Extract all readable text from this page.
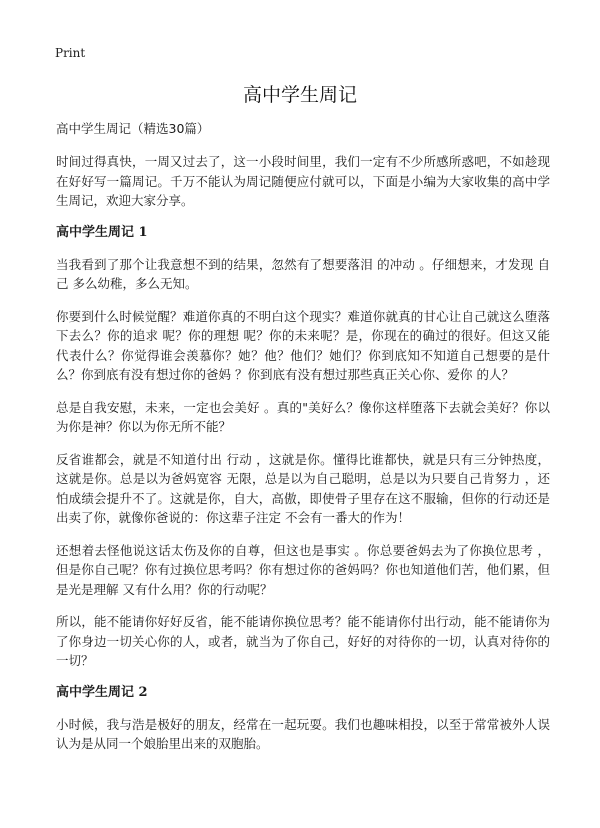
Print
高中学生周记
高中学生周记（精选30篇）

时间过得真快，一周又过去了，这一小段时间里，我们一定有不少所感所惑吧，不如趁现在好好写一篇周记。千万不能认为周记随便应付就可以，下面是小编为大家收集的高中学生周记，欢迎大家分享。

高中学生周记 1

当我看到了那个让我意想不到的结果，忽然有了想要落泪 的冲动 。仔细想来，才发现 自己 多么幼稚，多么无知。

你要到什么时候觉醒？难道你真的不明白这个现实？难道你就真的甘心让自己就这么堕落 下去么？你的追求 呢？你的理想 呢？你的未来呢？是，你现在的确过的很好。但这又能代表什么？你觉得谁会羡慕你？她？他？他们？她们？你到底知不知道自己想要的是什么？你到底有没有想过你的爸妈 ？你到底有没有想过那些真正关心你、爱你 的人？

总是自我安慰，未来，一定也会美好 。真的"美好么？像你这样堕落下去就会美好？你以为你是神？你以为你无所不能？

反省谁都会，就是不知道付出 行动 ，这就是你。懂得比谁都快，就是只有三分钟热度，这就是你。总是以为爸妈宽容 无限，总是以为自己聪明，总是以为只要自己肯努力 ，还怕成绩会提升不了。这就是你，自大，高傲，即使骨子里存在这不服输，但你的行动还是出卖了你，就像你爸说的：你这辈子注定 不会有一番大的作为！

还想着去怪他说这话太伤及你的自尊，但这也是事实 。你总要爸妈去为了你换位思考 ，但是你自己呢？你有过换位思考吗？你有想过你的爸妈吗？你也知道他们苦，他们累，但是光是理解 又有什么用？你的行动呢？

所以，能不能请你好好反省，能不能请你换位思考？能不能请你付出行动，能不能请你为了你身边一切关心你的人，或者，就当为了你自己，好好的对待你的一切，认真对待你的一切？

高中学生周记 2

小时候，我与浩是极好的朋友，经常在一起玩耍。我们也趣味相投，以至于常常被外人误认为是从同一个娘胎里出来的双胞胎。
